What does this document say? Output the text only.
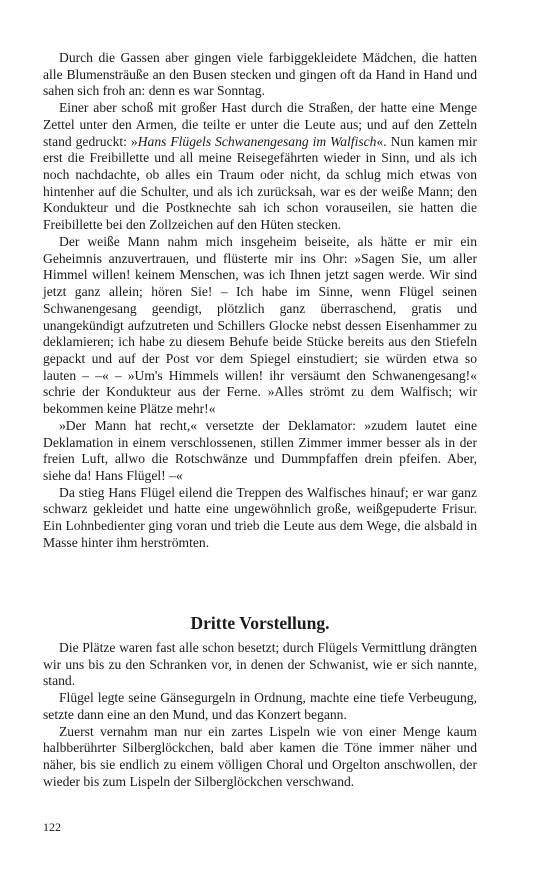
Durch die Gassen aber gingen viele farbiggekleidete Mädchen, die hatten alle Blumensträuße an den Busen stecken und gingen oft da Hand in Hand und sahen sich froh an: denn es war Sonntag.

Einer aber schoß mit großer Hast durch die Straßen, der hatte eine Menge Zettel unter den Armen, die teilte er unter die Leute aus; und auf den Zetteln stand gedruckt: »Hans Flügels Schwanengesang im Walfisch«. Nun kamen mir erst die Freibillette und all meine Reisegefährten wieder in Sinn, und als ich noch nachdachte, ob alles ein Traum oder nicht, da schlug mich etwas von hintenher auf die Schulter, und als ich zurücksah, war es der weiße Mann; den Kondukteur und die Postknechte sah ich schon vorauseilen, sie hatten die Freibillette bei den Zollzeichen auf den Hüten stecken.

Der weiße Mann nahm mich insgeheim beiseite, als hätte er mir ein Geheimnis anzuvertrauen, und flüsterte mir ins Ohr: »Sagen Sie, um aller Himmel willen! keinem Menschen, was ich Ihnen jetzt sagen werde. Wir sind jetzt ganz allein; hören Sie! – Ich habe im Sinne, wenn Flügel seinen Schwanengesang geendigt, plötzlich ganz überraschend, gratis und unangekündigt aufzutreten und Schillers Glocke nebst dessen Eisenhammer zu deklamieren; ich habe zu diesem Behufe beide Stücke bereits aus den Stiefeln gepackt und auf der Post vor dem Spiegel einstudiert; sie würden etwa so lauten – –« – »Um's Himmels willen! ihr versäumt den Schwanengesang!« schrie der Kondukteur aus der Ferne. »Alles strömt zu dem Walfisch; wir bekommen keine Plätze mehr!«

»Der Mann hat recht,« versetzte der Deklamator: »zudem lautet eine Deklamation in einem verschlossenen, stillen Zimmer immer besser als in der freien Luft, allwo die Rotschwänze und Dummpfaffen drein pfeifen. Aber, siehe da! Hans Flügel! –«

Da stieg Hans Flügel eilend die Treppen des Walfisches hinauf; er war ganz schwarz gekleidet und hatte eine ungewöhnlich große, weißgepuderte Frisur. Ein Lohnbedienter ging voran und trieb die Leute aus dem Wege, die alsbald in Masse hinter ihm herströmten.

Dritte Vorstellung.

Die Plätze waren fast alle schon besetzt; durch Flügels Vermittlung drängten wir uns bis zu den Schranken vor, in denen der Schwanist, wie er sich nannte, stand.

Flügel legte seine Gänsegurgeln in Ordnung, machte eine tiefe Verbeugung, setzte dann eine an den Mund, und das Konzert begann.

Zuerst vernahm man nur ein zartes Lispeln wie von einer Menge kaum halbberührter Silberglöckchen, bald aber kamen die Töne immer näher und näher, bis sie endlich zu einem völligen Choral und Orgelton anschwollen, der wieder bis zum Lispeln der Silberglöckchen verschwand.

122
